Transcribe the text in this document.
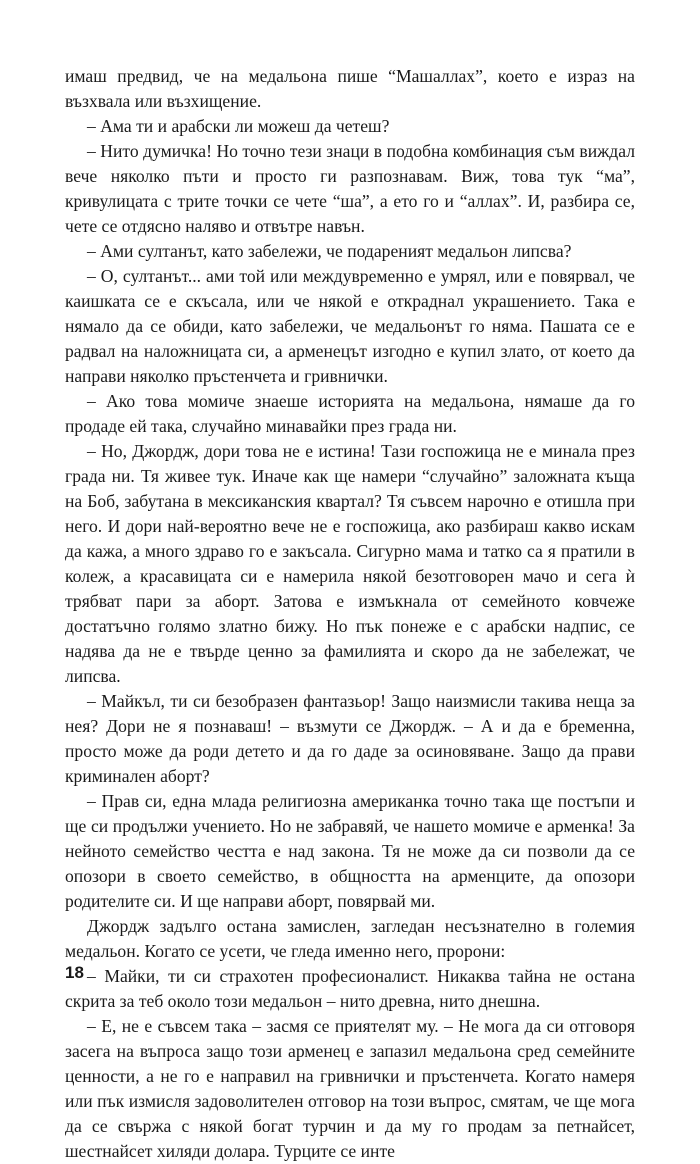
имаш предвид, че на медальона пише “Машаллах”, което е израз на възхвала или възхищение.

– Ама ти и арабски ли можеш да четеш?

– Нито думичка! Но точно тези знаци в подобна комбинация съм виждал вече няколко пъти и просто ги разпознавам. Виж, това тук “ма”, кривулицата с трите точки се чете “ша”, а ето го и “аллах”. И, разбира се, чете се отдясно наляво и отвътре навън.

– Ами султанът, като забележи, че подареният медальон липсва?

– О, султанът... ами той или междувременно е умрял, или е повярвал, че каишката се е скъсала, или че някой е откраднал украшението. Така е нямало да се обиди, като забележи, че медальонът го няма. Пашата се е радвал на наложницата си, а арменецът изгодно е купил злато, от което да направи няколко пръстенчета и гривнички.

– Ако това момиче знаеше историята на медальона, нямаше да го продаде ей така, случайно минавайки през града ни.

– Но, Джордж, дори това не е истина! Тази госпожица не е минала през града ни. Тя живее тук. Иначе как ще намери “случайно” заложната къща на Боб, забутана в мексиканския квартал? Тя съвсем нарочно е отишла при него. И дори най-вероятно вече не е госпожица, ако разбираш какво искам да кажа, а много здраво го е закъсала. Сигурно мама и татко са я пратили в колеж, а красавицата си е намерила някой безотговорен мачо и сега ѝ трябват пари за аборт. Затова е измъкнала от семейното ковчеже достатъчно голямо златно бижу. Но пък понеже е с арабски надпис, се надява да не е твърде ценно за фамилията и скоро да не забележат, че липсва.

– Майкъл, ти си безобразен фантазьор! Защо наизмисли такива неща за нея? Дори не я познаваш! – възмути се Джордж. – А и да е бременна, просто може да роди детето и да го даде за осиновяване. Защо да прави криминален аборт?

– Прав си, една млада религиозна американка точно така ще постъпи и ще си продължи учението. Но не забравяй, че нашето момиче е арменка! За нейното семейство честта е над закона. Тя не може да си позволи да се опозори в своето семейство, в общността на арменците, да опозори родителите си. И ще направи аборт, повярвай ми.

Джордж задълго остана замислен, загледан несъзнателно в големия медальон. Когато се усети, че гледа именно него, пророни:

– Майки, ти си страхотен професионалист. Никаква тайна не остана скрита за теб около този медальон – нито древна, нито днешна.

– Е, не е съвсем така – засмя се приятелят му. – Не мога да си отговоря засега на въпроса защо този арменец е запазил медальона сред семейните ценности, а не го е направил на гривнички и пръстенчета. Когато намеря или пък измисля задоволителен отговор на този въпрос, смятам, че ще мога да се свържа с някой богат турчин и да му го продам за петнайсет, шестнайсет хиляди долара. Турците се инте

18
